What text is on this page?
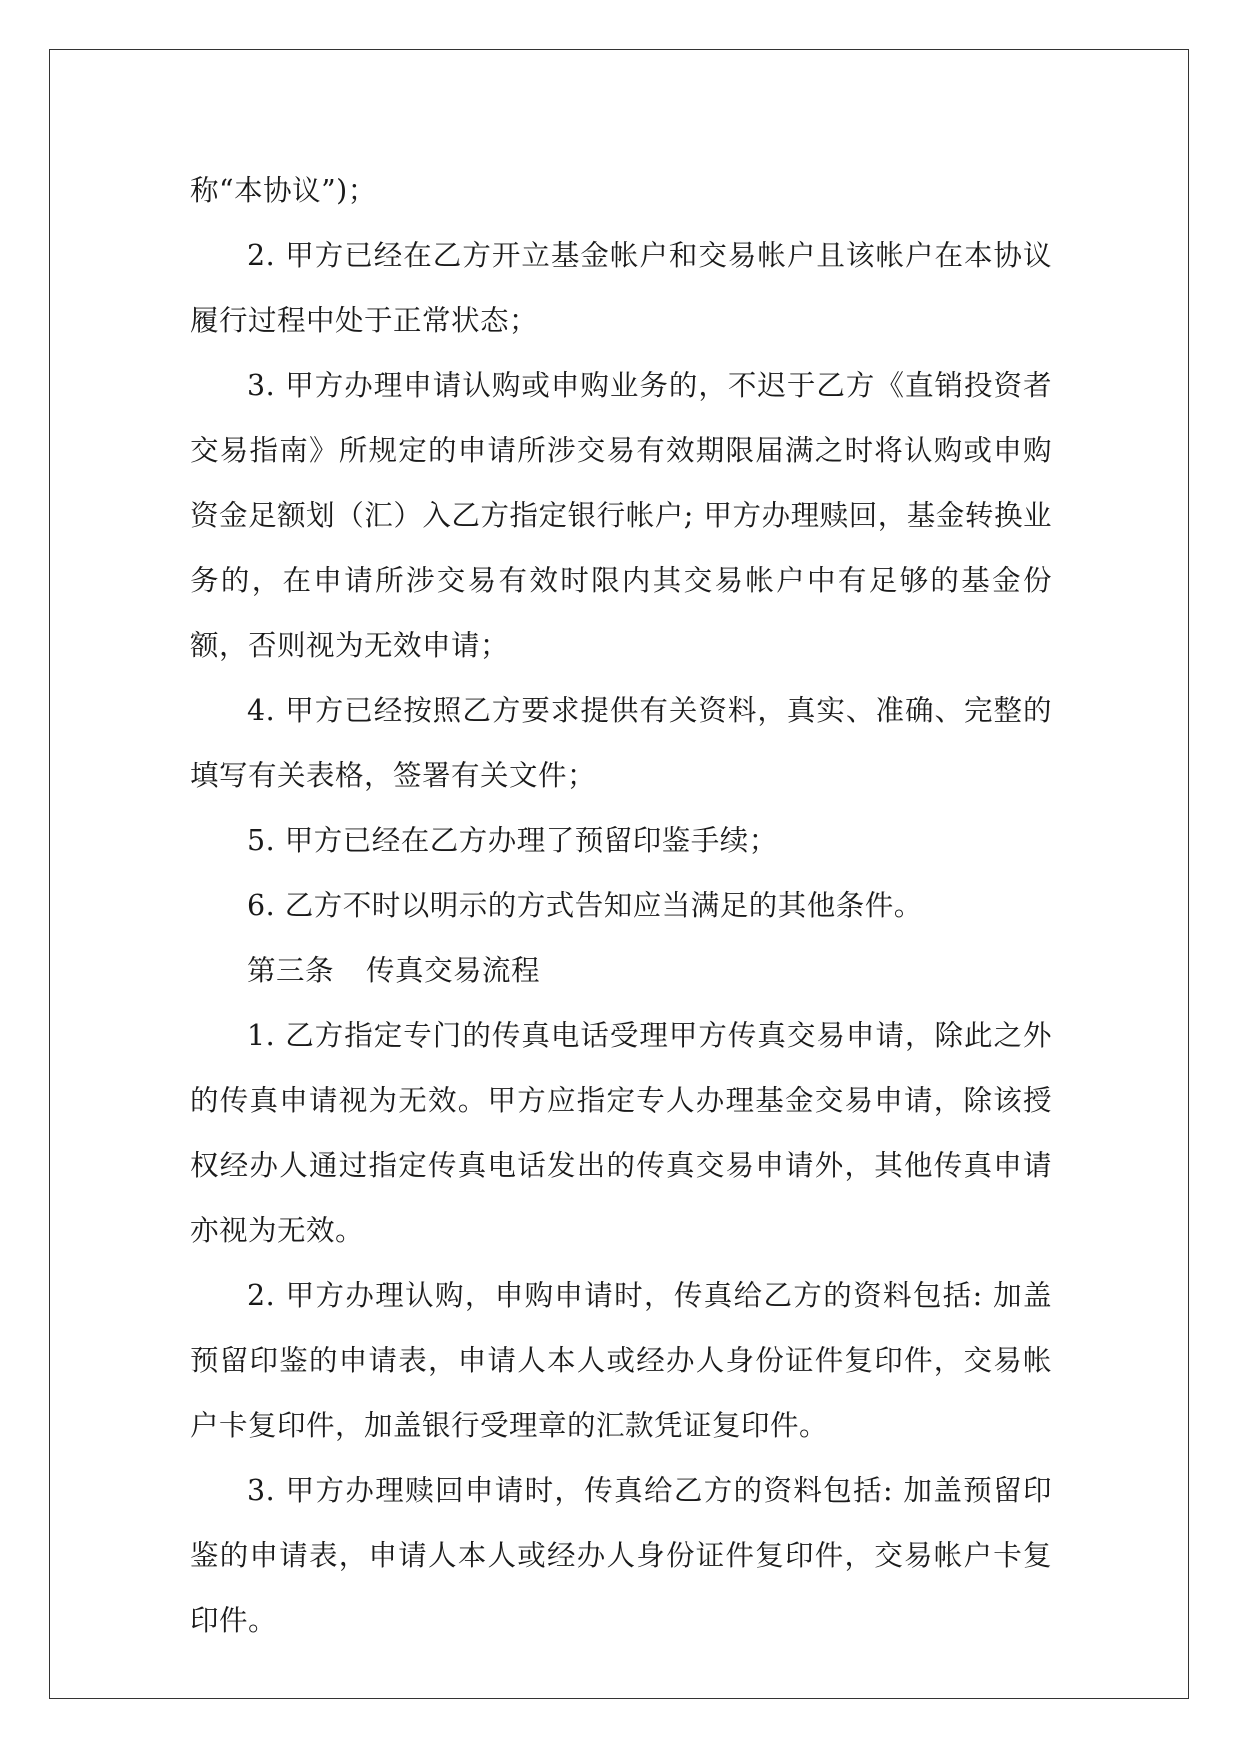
称“本协议”)；

2. 甲方已经在乙方开立基金帐户和交易帐户且该帐户在本协议履行过程中处于正常状态；

3. 甲方办理申请认购或申购业务的，不迟于乙方《直销投资者交易指南》所规定的申请所涉交易有效期限届满之时将认购或申购资金足额划（汇）入乙方指定银行帐户; 甲方办理赎回，基金转换业务的，在申请所涉交易有效时限内其交易帐户中有足够的基金份额，否则视为无效申请；

4. 甲方已经按照乙方要求提供有关资料，真实、准确、完整的填写有关表格，签署有关文件；

5. 甲方已经在乙方办理了预留印鉴手续；

6. 乙方不时以明示的方式告知应当满足的其他条件。

第三条 传真交易流程

1. 乙方指定专门的传真电话受理甲方传真交易申请，除此之外的传真申请视为无效。甲方应指定专人办理基金交易申请，除该授权经办人通过指定传真电话发出的传真交易申请外，其他传真申请亦视为无效。

2. 甲方办理认购，申购申请时，传真给乙方的资料包括: 加盖预留印鉴的申请表，申请人本人或经办人身份证件复印件，交易帐户卡复印件，加盖银行受理章的汇款凭证复印件。

3. 甲方办理赎回申请时，传真给乙方的资料包括: 加盖预留印鉴的申请表，申请人本人或经办人身份证件复印件，交易帐户卡复印件。
